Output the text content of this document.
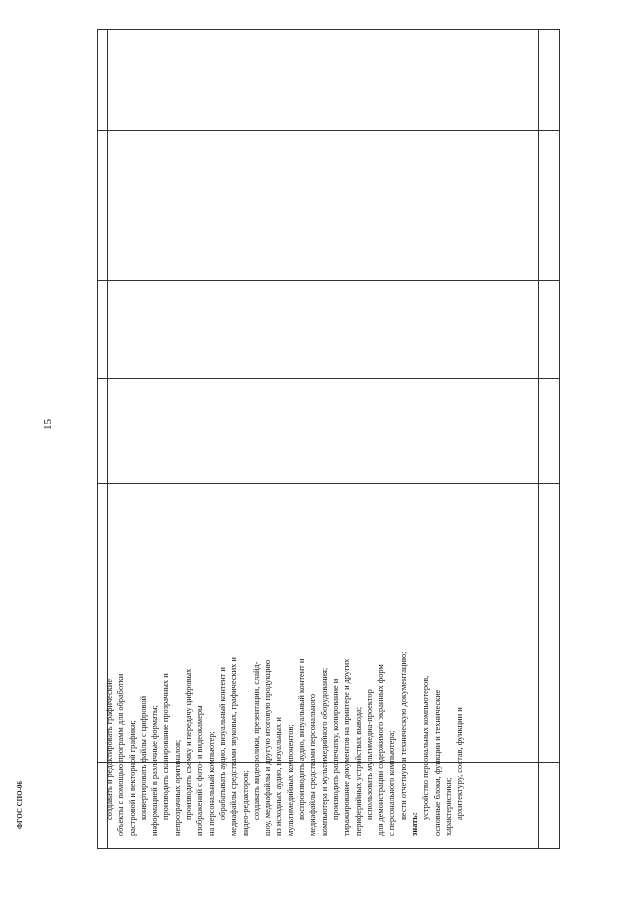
15
ФГОС СПО-06	создавать и редактировать графические объекты с помощью программ для обработки растровой и векторной графики; конвертировать файлы с цифровой информацией в различные форматы; производить сканирование прозрачных и непрозрачных оригиналов; производить съемку и передачу цифровых изображений с фото- и видеокамеры на персональный компьютер; обрабатывать аудио, визуальный контент и медиафайлы средствами звуковых, графических и видео-редакторов; создавать видеоролики, презентации, слайд- шоу, медиафайлы и другую итоговую продукцию из исходных аудио, визуальных и мультимедийных компонентов; воспроизводить аудио, визуальный контент и медиафайлы средствами персонального компьютера и мультимедийного оборудования; производить распечатку, копирование и тиражирование документов на принтере и других периферийных устройствах вывода; использовать мультимедиа-проектор для демонстрации содержимого экранных форм с персонального компьютера; вести отчетную и техническую документацию;
знать:
устройство персональных компьютеров, основные блоки, функции и технические характеристики; архитектуру, состав, функции и
